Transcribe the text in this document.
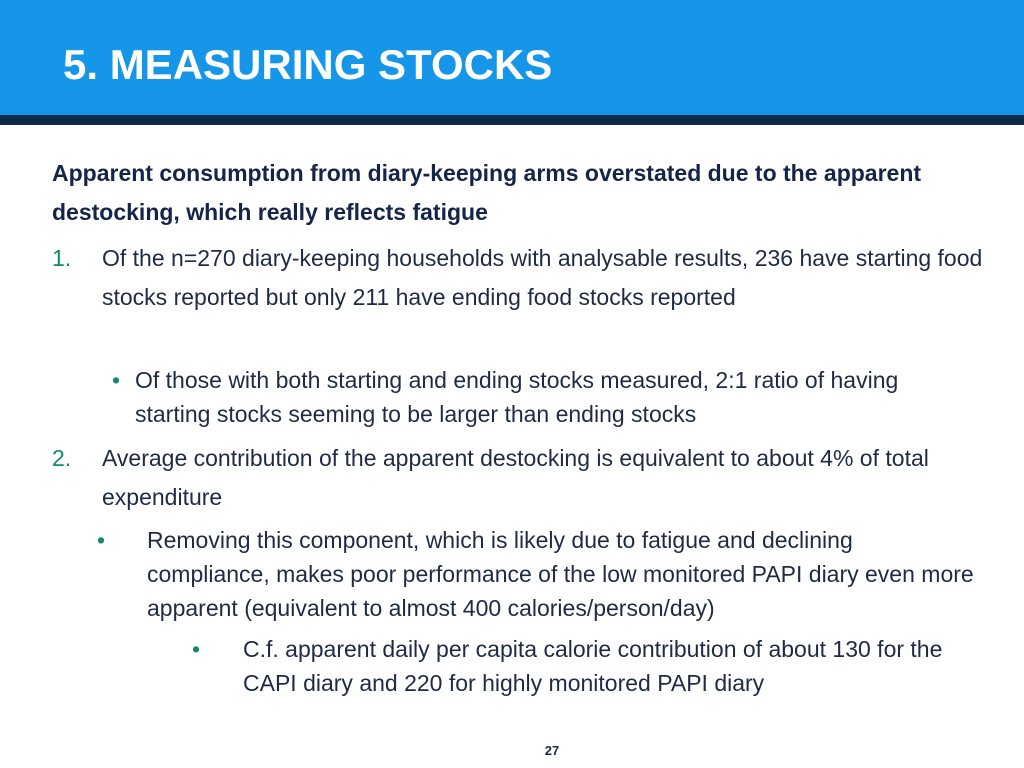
5. MEASURING STOCKS

Apparent consumption from diary-keeping arms overstated due to the apparent destocking, which really reflects fatigue

1. Of the n=270 diary-keeping households with analysable results, 236 have starting food stocks reported but only 211 have ending food stocks reported
• Of those with both starting and ending stocks measured, 2:1 ratio of having starting stocks seeming to be larger than ending stocks
2. Average contribution of the apparent destocking is equivalent to about 4% of total expenditure
• Removing this component, which is likely due to fatigue and declining compliance, makes poor performance of the low monitored PAPI diary even more apparent (equivalent to almost 400 calories/person/day)
• C.f. apparent daily per capita calorie contribution of about 130 for the CAPI diary and 220 for highly monitored PAPI diary
27
